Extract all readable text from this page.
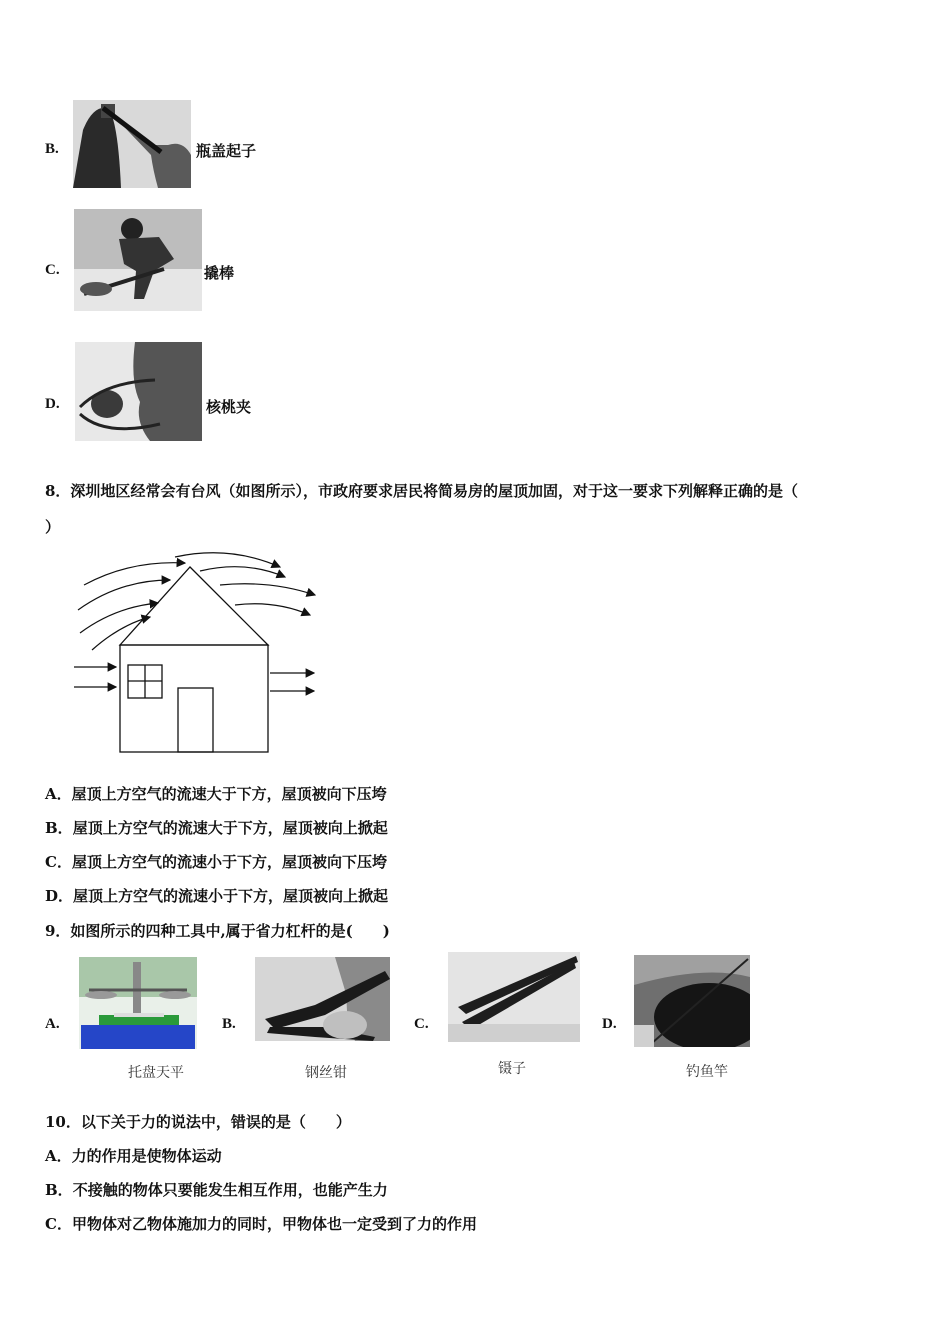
B.	瓶盖起子
C.	撬棒
D.	核桃夹
8．深圳地区经常会有台风（如图所示），市政府要求居民将简易房的屋顶加固，对于这一要求下列解释正确的是（
）
A．屋顶上方空气的流速大于下方，屋顶被向下压垮
B．屋顶上方空气的流速大于下方，屋顶被向上掀起
C．屋顶上方空气的流速小于下方，屋顶被向下压垮
D．屋顶上方空气的流速小于下方，屋顶被向上掀起
9．如图所示的四种工具中,属于省力杠杆的是(　　)
A.
托盘天平
B.
钢丝钳
C.
镊子
D.
钓鱼竿
10．以下关于力的说法中，错误的是（　　）
A．力的作用是使物体运动
B．不接触的物体只要能发生相互作用，也能产生力
C．甲物体对乙物体施加力的同时，甲物体也一定受到了力的作用
